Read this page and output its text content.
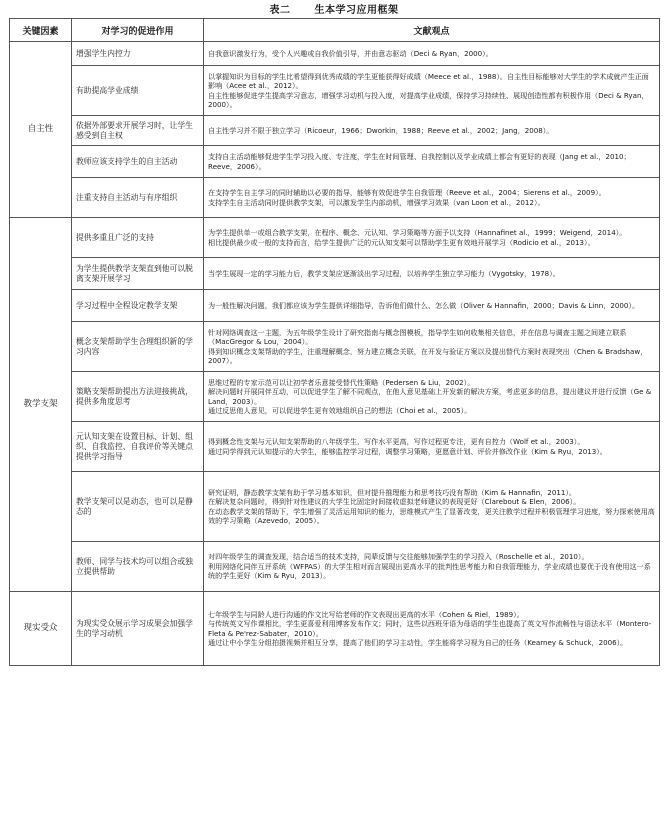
表二 生本学习应用框架
关键因素	对学习的促进作用	文献观点
自主性	增强学生内控力	自我意识激发行为，受个人兴趣或自我价值引导，并由意志驱动（Deci & Ryan，2000）。

	有助提高学业成绩	以掌握知识为目标的学生比希望得到优秀成绩的学生更能获得好成绩（Meece et al.，1988）。自主性目标能够对大学生的学术成就产生正面影响（Acee et al.，2012）。

自主性能够促进学生提高学习意志，增强学习动机与投入度，对提高学业成绩，保持学习持续性、展现创造性都有积极作用（Deci & Ryan，2000）。

	依据外部要求开展学习时，让学生感受到自主权	自主性学习并不限于独立学习（Ricoeur，1966；Dworkin，1988；Reeve et al.，2002；Jang，2008）。

	教师应该支持学生的自主活动	支持自主活动能够促进学生学习投入度、专注度，学生在时间管理、自我控制以及学业成绩上都会有更好的表现（Jang et al.，2010；Reeve，2006）。

	注重支持自主活动与有序组织	在支持学生自主学习的同时辅助以必要的指导，能够有效促进学生自我管理（Reeve et al.，2004；Sierens et al.，2009）。

支持学生自主活动同时提供教学支架，可以激发学生内部动机，增强学习效果（van Loon et al.，2012）。

教学支架	提供多重且广泛的支持	为学生提供单一或组合教学支架，在程序、概念、元认知、学习策略等方面予以支持（Hannafinet al.，1999；Weigend，2014）。

相比提供最少或一般的支持而言，给学生提供广泛的元认知支架可以帮助学生更有效地开展学习（Rodicio et al.，2013）。

	为学生提供教学支架直到他可以脱离支架开展学习	当学生展现一定的学习能力后，教学支架应逐渐淡出学习过程，以培养学生独立学习能力（Vygotsky，1978）。

	学习过程中全程设定教学支架	为一般性解决问题，我们都应该为学生提供详细指导，告诉他们做什么、怎么做（Oliver & Hannafin，2000；Davis & Linn，2000）。

	概念支架帮助学生合理组织新的学习内容	针对网络调查这一主题，为五年级学生设计了研究指南与概念图模板，指导学生如何收集相关信息，并在信息与调查主题之间建立联系（MacGregor & Lou，2004）。

得到知识概念支架帮助的学生，注重理解概念，努力建立概念关联，在开发与验证方案以及提出替代方案时表现突出（Chen & Bradshaw，2007）。

	策略支架帮助提出方法迎接挑战，提供多角度思考	思维过程的专家示范可以让初学者乐意接受替代性策略（Pedersen & Liu，2002）。

解决问题时开展同伴互动，可以促进学生了解不同观点，在他人意见基础上开发新的解决方案，考虑更多的信息，提出建议并进行反馈（Ge & Land，2003）。

通过反思他人意见，可以促进学生更有效地组织自己的想法（Choi et al.，2005）。

	元认知支架在设置目标、计划、组织、自我监控、自我评价等关键点提供学习指导	得到概念性支架与元认知支架帮助的八年级学生，写作水平更高，写作过程更专注，更有自控力（Wolf et al.，2003）。

通过同学得到元认知提示的大学生，能够监控学习过程，调整学习策略，更愿意计划、评价并修改作业（Kim & Ryu，2013）。

	教学支架可以是动态，也可以是静态的	研究证明，静态教学支架有助于学习基本知识，但对提升推理能力和思考技巧没有帮助（Kim & Hannafin，2011）。

在解决复杂问题时，得到针对性建议的大学生比固定时间接收虚拟老师建议的表现更好（Clarebout & Elen，2006）。

在动态教学支架的帮助下，学生增强了灵活运用知识的能力，思维模式产生了显著改变，更关注教学过程并积极管理学习进度，努力探索使用高效的学习策略（Azevedo，2005）。

	教师、同学与技术均可以组合或独立提供帮助	对四年级学生的调查发现，结合适当的技术支持，同辈反馈与交往能够加强学生的学习投入（Roschelle et al.，2010）。

利用网络化同伴互评系统（WFPAS）的大学生相对而言展现出更高水平的批判性思考能力和自我管理能力，学业成绩也要优于没有使用这一系统的学生更好（Kim & Ryu，2013）。

现实受众	为现实受众展示学习成果会加强学生的学习动机	七年级学生与同龄人进行沟通的作文比写给老师的作文表现出更高的水平（Cohen & Riel，1989）。

与传统英文写作课相比，学生更喜爱利用博客发布作文；同时，这些以西班牙语为母语的学生也提高了英文写作流畅性与语法水平（Montero-Fleta & Pe'rez-Sabater，2010）。

通过让中小学生分组拍摄视频并相互分享，提高了他们的学习主动性，学生能将学习视为自己的任务（Kearney & Schuck，2006）。
